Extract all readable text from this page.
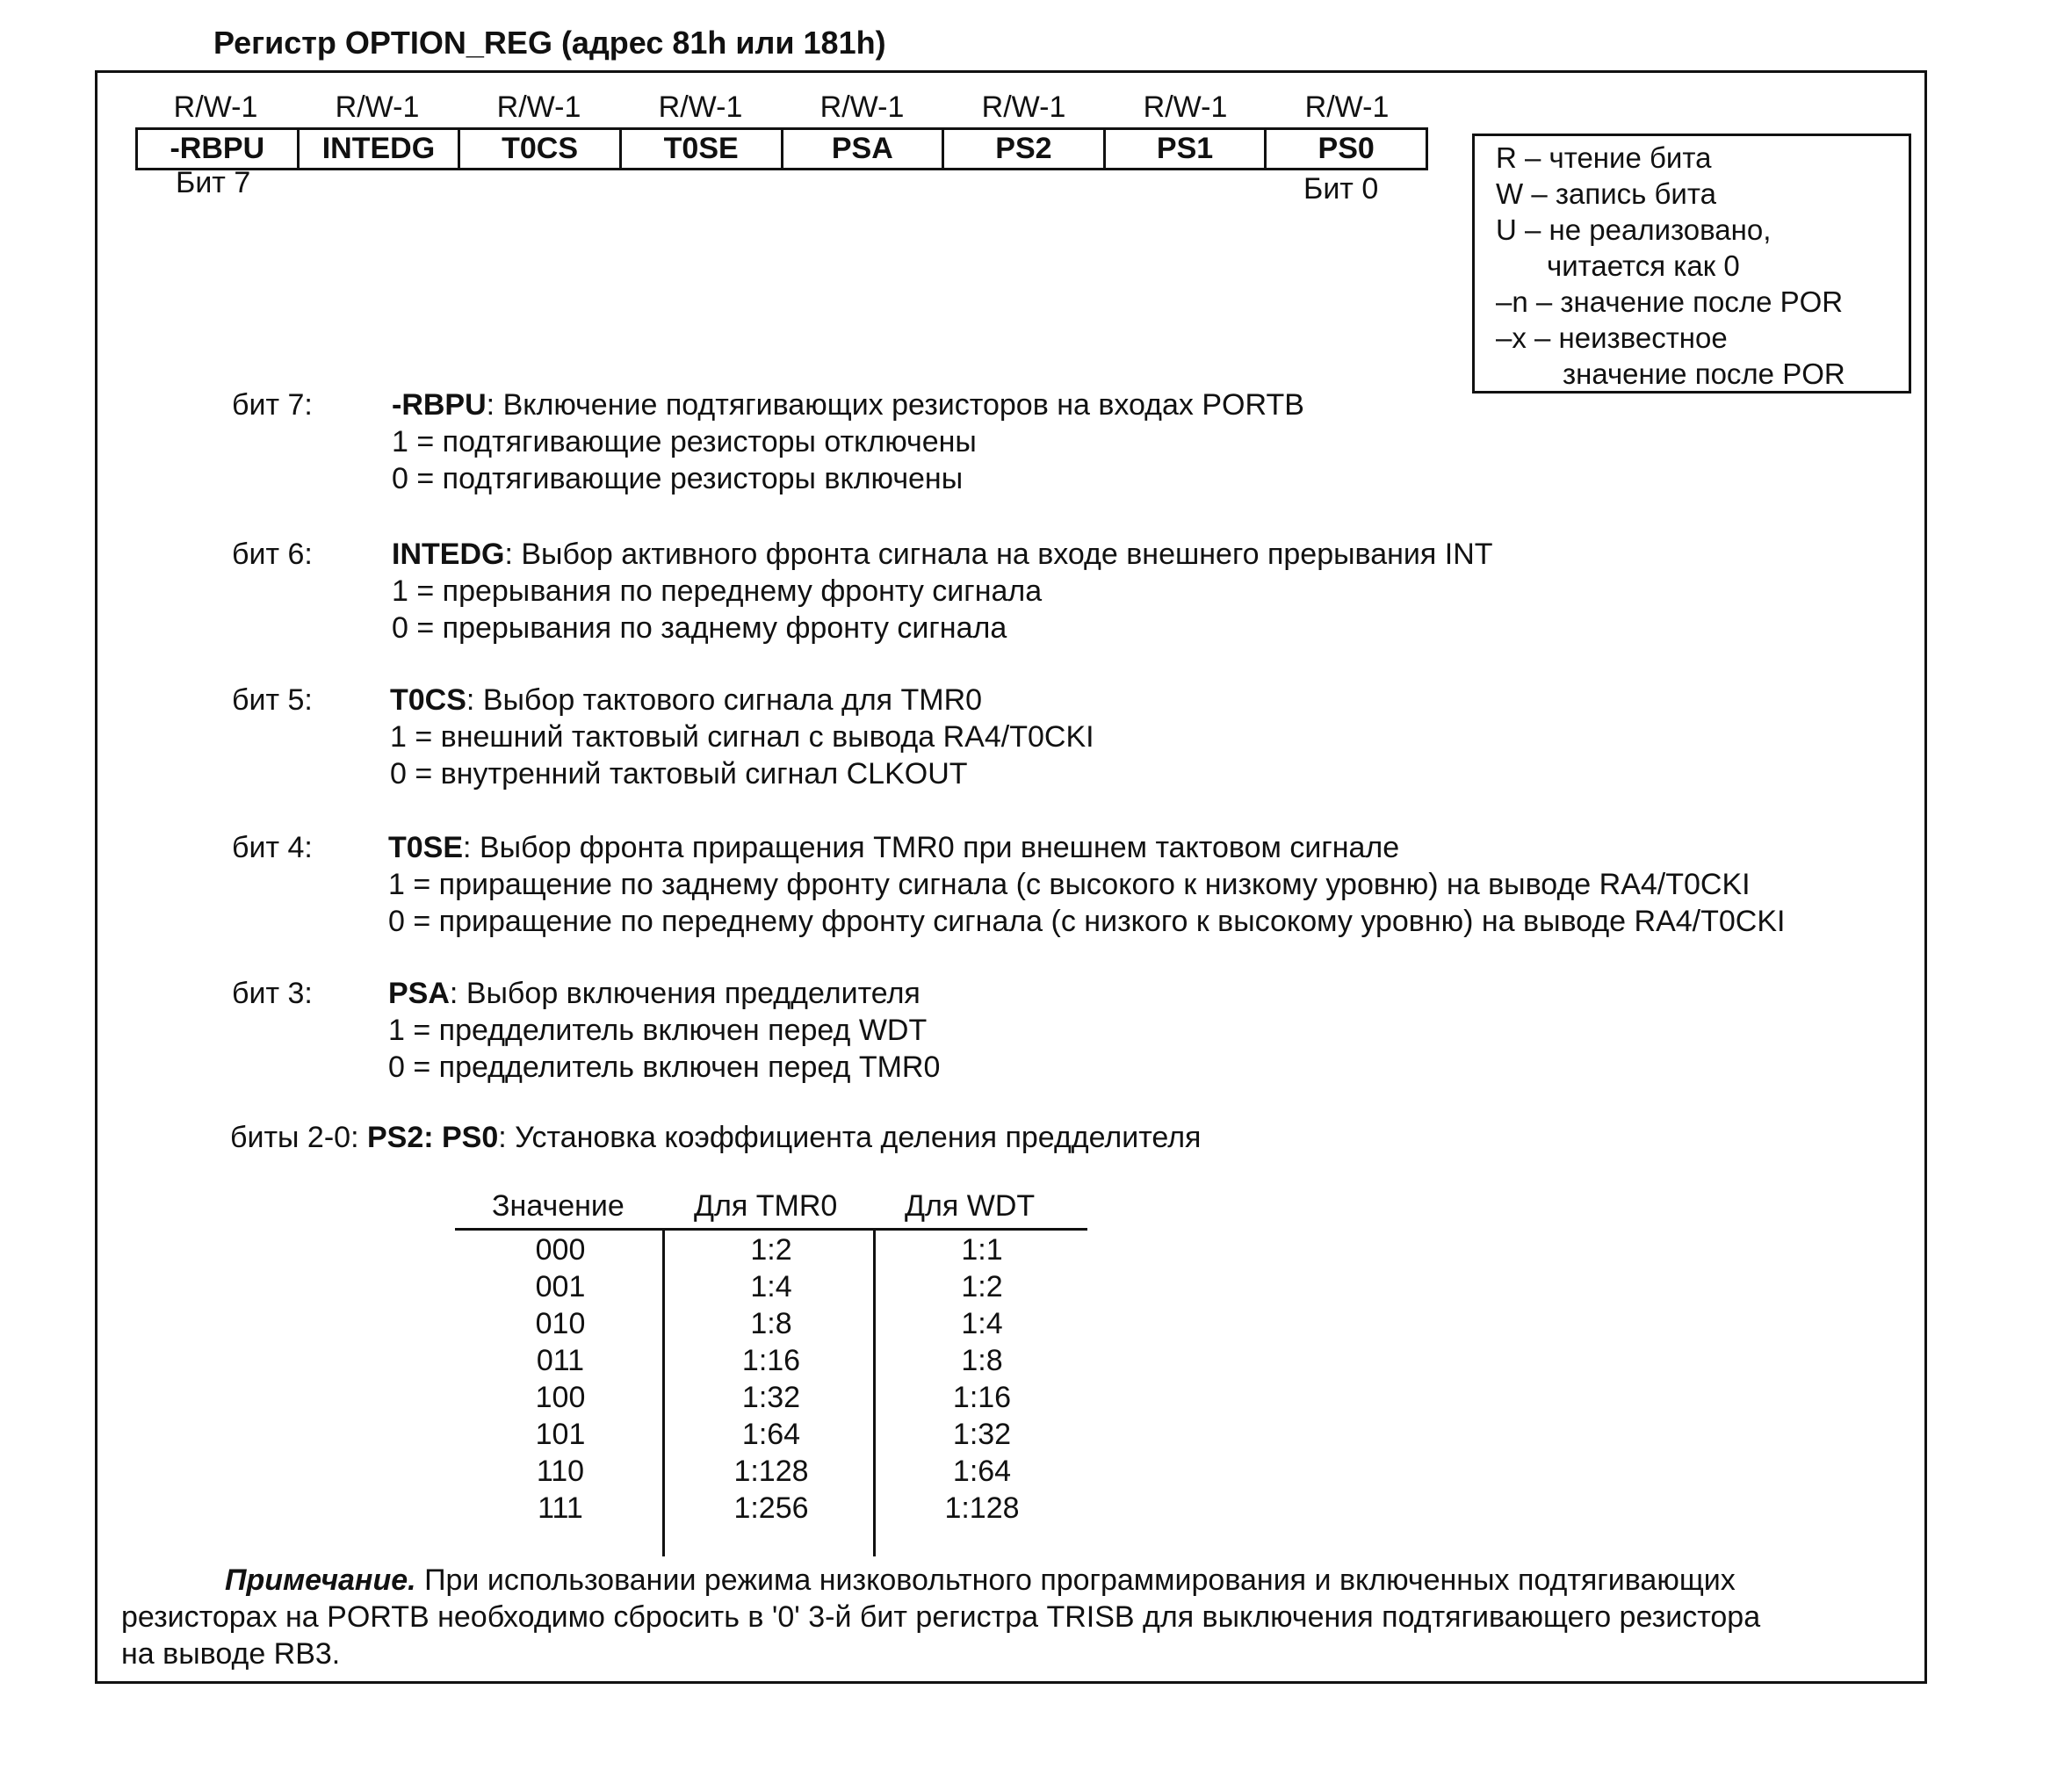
Регистр OPTION_REG (адрес 81h или 181h)
R/W-1	R/W-1	R/W-1	R/W-1	R/W-1	R/W-1	R/W-1	R/W-1
-RBPU	INTEDG	T0CS	T0SE	PSA	PS2	PS1	PS0
Бит 7	Бит 0
R – чтение бита
W – запись бита
U – не реализовано,
читается как 0
–n – значение после POR
–x – неизвестное
значение после POR
бит 7:	-RBPU: Включение подтягивающих резисторов на входах PORTB
1 = подтягивающие резисторы отключены
0 = подтягивающие резисторы включены
бит 6:	INTEDG: Выбор активного фронта сигнала на входе внешнего прерывания INT
1 = прерывания по переднему фронту сигнала
0 = прерывания по заднему фронту сигнала
бит 5:	T0CS: Выбор тактового сигнала для TMR0
1 = внешний тактовый сигнал с вывода RA4/T0CKI
0 = внутренний тактовый сигнал CLKOUT
бит 4:	T0SE: Выбор фронта приращения TMR0 при внешнем тактовом сигнале
1 = приращение по заднему фронту сигнала (с высокого к низкому уровню) на выводе RA4/T0CKI
0 = приращение по переднему фронту сигнала (с низкого к высокому уровню) на выводе RA4/T0CKI
бит 3:	PSA: Выбор включения предделителя
1 = предделитель включен перед WDT
0 = предделитель включен перед TMR0
биты 2-0: PS2: PS0: Установка коэффициента деления предделителя
Значение Для TMR0 Для WDT
000	1:2	1:1
001	1:4	1:2
010	1:8	1:4
011	1:16	1:8
100	1:32	1:16
101	1:64	1:32
110	1:128	1:64
111	1:256	1:128
Примечание. При использовании режима низковольтного программирования и включенных подтягивающих
резисторах на PORTB необходимо сбросить в '0' 3-й бит регистра TRISB для выключения подтягивающего резистора
на выводе RB3.
